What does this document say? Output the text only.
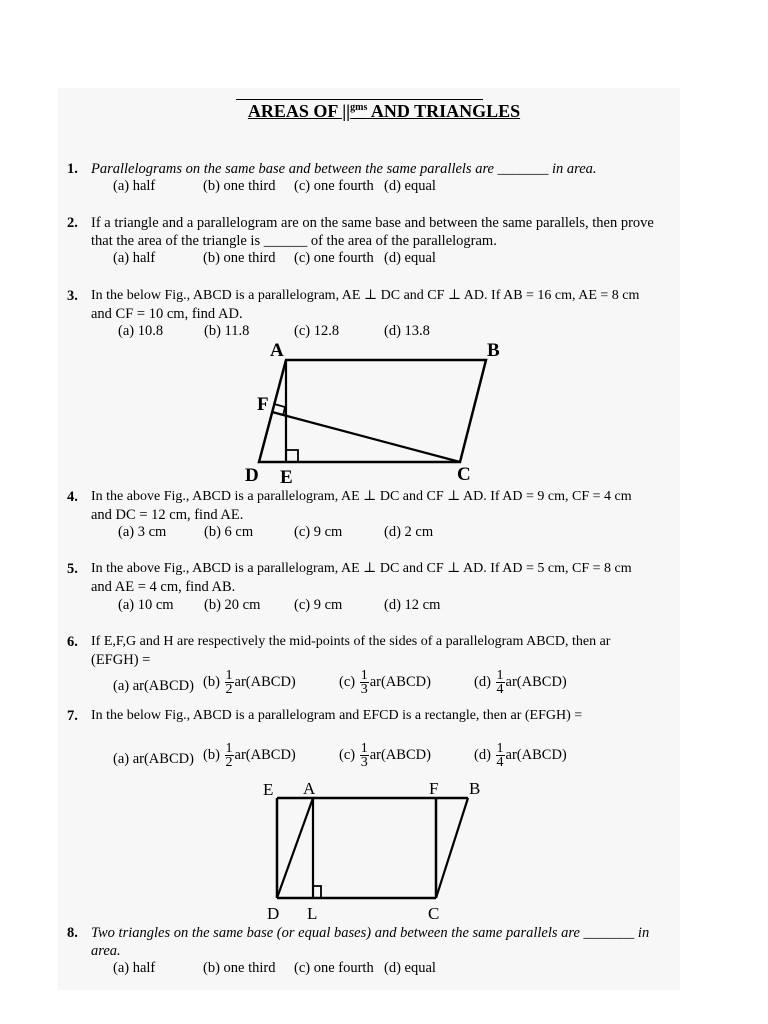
AREAS OF $||^{gms}$ AND TRIANGLES
1. Parallelograms on the same base and between the same parallels are _______ in area.
(a) half	(b) one third (c) one fourth (d) equal
2. If a triangle and a parallelogram are on the same base and between the same parallels, then prove
that the area of the triangle is ______ of the area of the parallelogram.
(a) half	(b) one third (c) one fourth (d) equal
3. In the below Fig., ABCD is a parallelogram, AE ⊥ DC and CF ⊥ AD. If AB = 16 cm, AE = 8 cm
and CF = 10 cm, find AD.
(a) 10.8	(b) 11.8	(c) 12.8	(d) 13.8
A	B
C
D E
F
4. In the above Fig., ABCD is a parallelogram, AE ⊥ DC and CF ⊥ AD. If AD = 9 cm, CF = 4 cm
and DC = 12 cm, find AE.
(a) 3 cm	(b) 6 cm	(c) 9 cm	(d) 2 cm
5. In the above Fig., ABCD is a parallelogram, AE ⊥ DC and CF ⊥ AD. If AD = 5 cm, CF = 8 cm
and AE = 4 cm, find AB.
(a) 10 cm (b) 20 cm (c) 9 cm	(d) 12 cm
6. If E,F,G and H are respectively the mid-points of the sides of a parallelogram ABCD, then ar
(EFGH) =
(a) ar(ABCD) $(b) \frac{1}{2}$ ar(ABCD)	$(c) \frac{1}{3}$ ar(ABCD)	$(d) \frac{1}{4}$ ar(ABCD)
7. In the below Fig., ABCD is a parallelogram and EFCD is a rectangle, then ar (EFGH) =
(a) ar(ABCD) $(b) \frac{1}{2}$ ar(ABCD)	$(c) \frac{1}{3}$ ar(ABCD)	$(d) \frac{1}{4}$ ar(ABCD)
E A	F B
D L	C
8. Two triangles on the same base (or equal bases) and between the same parallels are _______ in
area.
(a) half	(b) one third (c) one fourth (d) equal
